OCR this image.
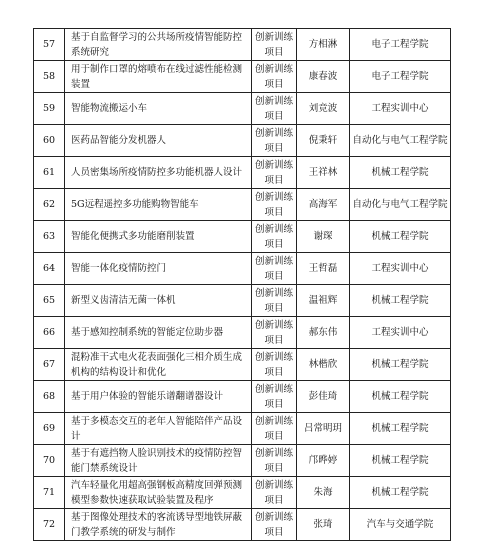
57	基于自监督学习的公共场所疫情智能防控系统研究	创新训练项目	方相淋	电子工程学院
58	用于制作口罩的熔喷布在线过滤性能检测装置	创新训练项目	康春波	电子工程学院
59	智能物流搬运小车	创新训练项目	刘竞波	工程实训中心
60	医药品智能分发机器人	创新训练项目	倪秉轩	自动化与电气工程学院
61	人员密集场所疫情防控多功能机器人设计	创新训练项目	王祥林	机械工程学院
62	5G远程遥控多功能购物智能车	创新训练项目	高海军	自动化与电气工程学院
63	智能化便携式多功能磨削装置	创新训练项目	谢琛	机械工程学院
64	智能一体化疫情防控门	创新训练项目	王哲磊	工程实训中心
65	新型义齿清洁无菌一体机	创新训练项目	温祖辉	机械工程学院
66	基于感知控制系统的智能定位助步器	创新训练项目	郝东伟	工程实训中心
67	混粉准干式电火花表面强化三相介质生成机构的结构设计和优化	创新训练项目	林楷欣	机械工程学院
68	基于用户体验的智能乐谱翻谱器设计	创新训练项目	彭佳琦	机械工程学院
69	基于多模态交互的老年人智能陪伴产品设计	创新训练项目	吕常明玥	机械工程学院
70	基于有遮挡物人脸识别技术的疫情防控智能门禁系统设计	创新训练项目	邝晔婷	机械工程学院
71	汽车轻量化用超高强钢板高精度回弹预测模型参数快速获取试验装置及程序	创新训练项目	朱海	机械工程学院
72	基于图像处理技术的客流诱导型地铁屏蔽门教学系统的研发与制作	创新训练项目	张琦	汽车与交通学院
